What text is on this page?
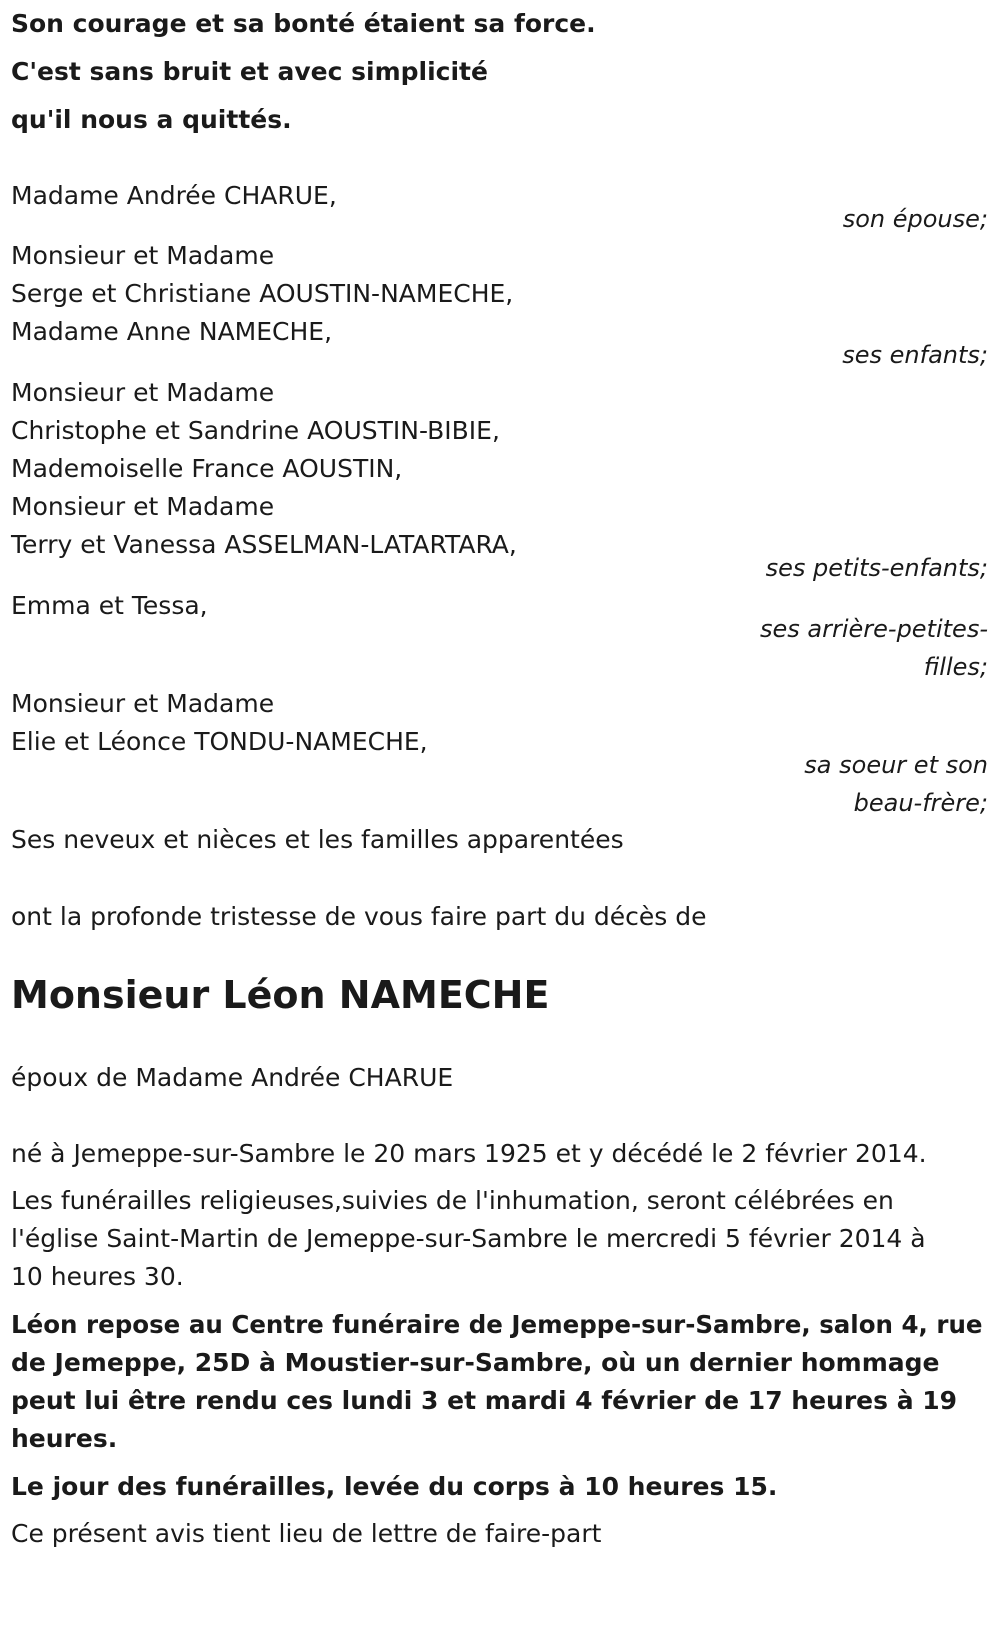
Son courage et sa bonté étaient sa force.

C'est sans bruit et avec simplicité

qu'il nous a quittés.

Madame Andrée CHARUE,

son épouse;

Monsieur et Madame

Serge et Christiane AOUSTIN-NAMECHE,

Madame Anne NAMECHE,

ses enfants;

Monsieur et Madame

Christophe et Sandrine AOUSTIN-BIBIE,

Mademoiselle France AOUSTIN,

Monsieur et Madame

Terry et Vanessa ASSELMAN-LATARTARA,

ses petits-enfants;

Emma et Tessa,

ses arrière-petites-

filles;

Monsieur et Madame

Elie et Léonce TONDU-NAMECHE,

sa soeur et son

beau-frère;

Ses neveux et nièces et les familles apparentées

ont la profonde tristesse de vous faire part du décès de

Monsieur Léon NAMECHE

époux de Madame Andrée CHARUE

né à Jemeppe-sur-Sambre le 20 mars 1925 et y décédé le 2 février 2014.

Les funérailles religieuses,suivies de l'inhumation, seront célébrées en

l'église Saint-Martin de Jemeppe-sur-Sambre le mercredi 5 février 2014 à

10 heures 30.

Léon repose au Centre funéraire de Jemeppe-sur-Sambre, salon 4, rue

de Jemeppe, 25D à Moustier-sur-Sambre, où un dernier hommage

peut lui être rendu ces lundi 3 et mardi 4 février de 17 heures à 19

heures.

Le jour des funérailles, levée du corps à 10 heures 15.

Ce présent avis tient lieu de lettre de faire-part
